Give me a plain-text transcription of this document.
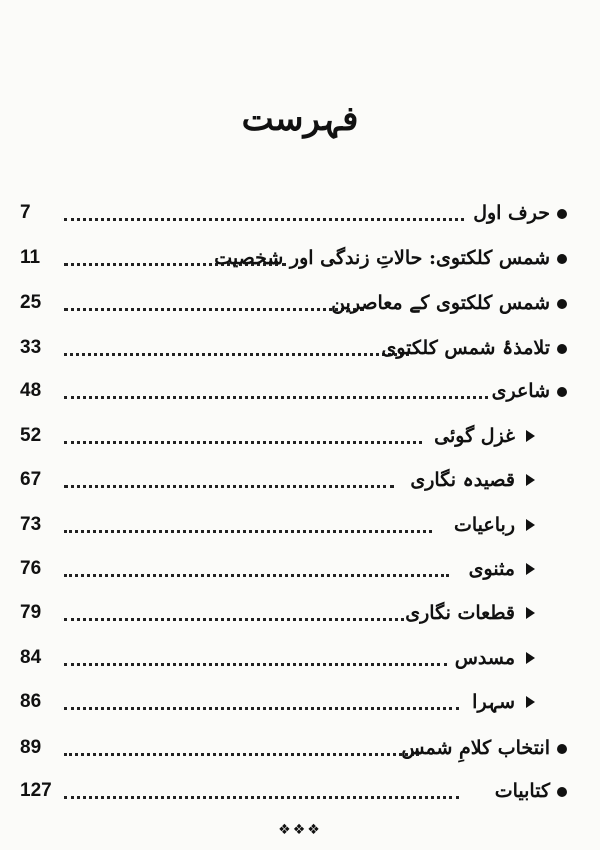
فہرست
7	حرف اول
11	شمس کلکتوی: حالاتِ زندگی اور شخصیت
25	شمس کلکتوی کے معاصرین
33	تلامذۂ شمس کلکتوی
48	شاعری
52	غزل گوئی
67	قصیدہ نگاری
73	رباعیات
76	مثنوی
79	قطعات نگاری
84	مسدس
86	سہرا
89	انتخاب کلامِ شمس
127	کتابیات
❖❖❖
